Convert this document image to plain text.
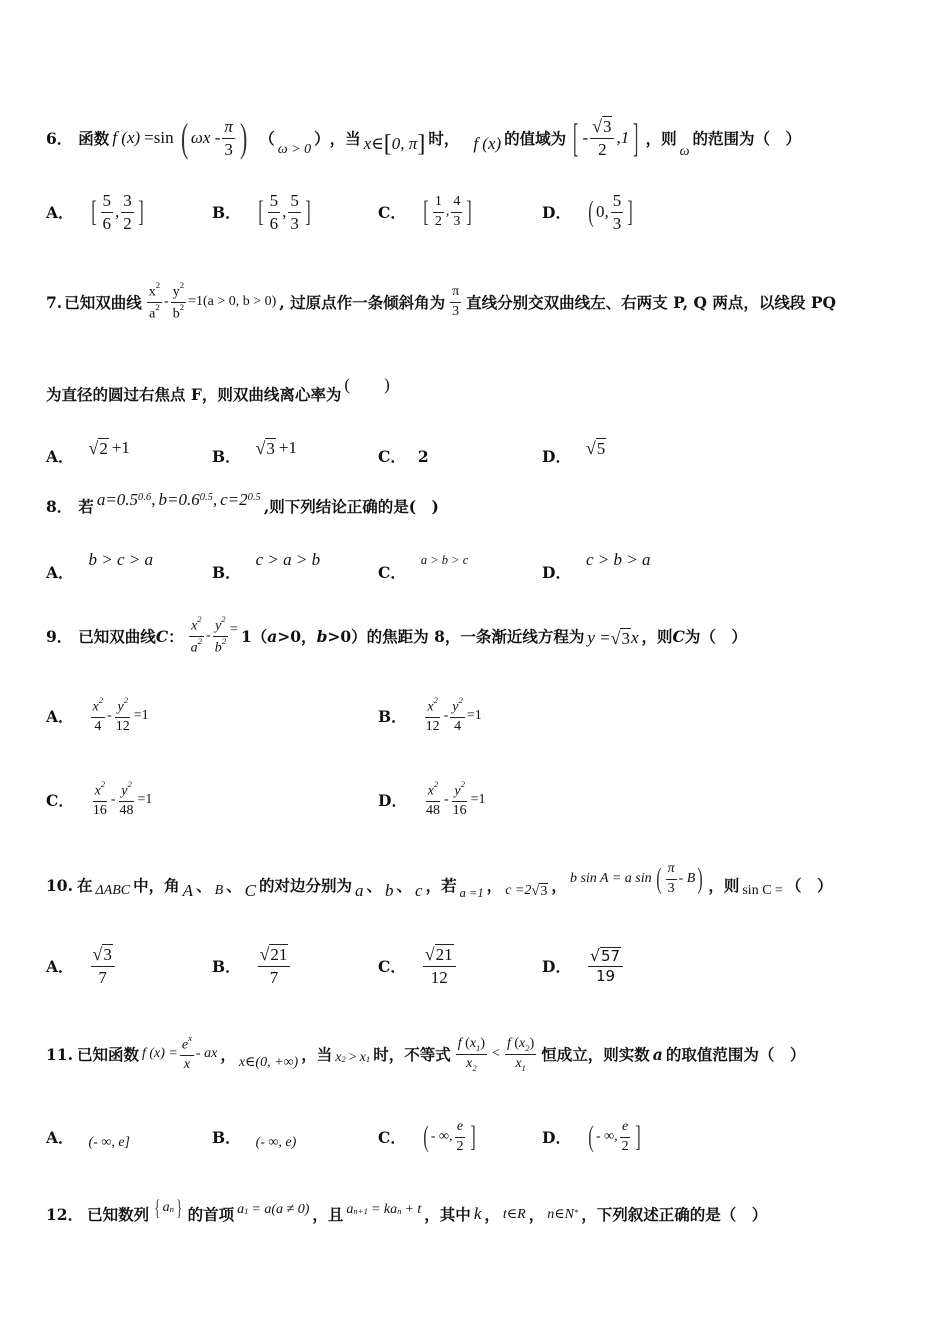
6． 函数 f (x) =sin ( ωx - $\frac{\pi}{3}$ ) （
ω > 0
） ，当 x∈ [ 0, π ] 时， f (x) 的值域为 [ - $\frac{√ 3}{2} ,1$ ] ，则
ω
的范围为（　）
A． [ $\frac{5}{6}$ , $\frac{3}{2}$ ]	B． [ $\frac{5}{6}$ , $\frac{5}{3}$ ]	C． [ $\frac{1}{2}$ , $\frac{4}{3}$ ]	D． ( 0 , $\frac{5}{3}$ ]
7. 已知双曲线 $\frac{x^2}{a^2} - \frac{y^2}{b^2} =1(a > 0$, b > 0) , 过原点作一条倾斜角为 $\frac{\pi}{3}$ 直线分别交双曲线左、右两支 P, Q 两点，以线段 PQ
为直径的圆过右焦点 F，则双曲线离心率为
(　　)
A． √ 2 +1	B． √ 3 +1	C． 2	D． √ 5
8． 若 $a=0.5^{0.6}$ , $b=0.6^{0.5}$ , $c=2^{0.5}$ ,则下列结论正确的是(　)
A．
b > c > a
B．
c > a > b
C．
a > b > c
D．
c > b > a
9． 已知双曲线 C ： $\frac{x^2}{a^2} - \frac{y^2}{b^2} = 1$（ a >0， b >0）的焦距为 8，一条渐近线方程为 y = √ 3 x ，则 C 为（　）
A． $\frac{x^2}{4} - \frac{y^2}{12} =1$	B． $\frac{x^2}{12} - \frac{y^2}{4} =1$
C． $\frac{x^2}{16} - \frac{y^2}{48} =1$	D． $\frac{x^2}{48} - \frac{y^2}{16} =1$
10. 在 ΔABC 中，角 A 、 B 、 C 的对边分别为 a 、 b 、 c ，若 a =1 ， c =2 √ 3 ， b sin A = a sin ( $\frac{\pi}{3}$ - B ) ，则 sin C = （　）
A． $\frac{√ 3}{7}$	B． $\frac{√ 21}{7}$	C． $\frac{√ 21}{12}$	D． $\frac{√ 57}{19}$
11. 已知函数 f $(x) = \frac{e^x}{x}$ - ax ， x∈(0, +∞) ，当 $x_2 > x_1$ 时，不等式 $\frac{f (x_1)}{x_2} < \frac{f (x_2)}{x_1}$ 恒成立，则实数 a 的取值范围为（　）
A． (- ∞, e]	B． (- ∞, e)	C． ( - ∞, $\frac{e}{2}$ ]	D． ( - ∞, $\frac{e}{2}$ ]
12． 已知数列 { $a_n$ } 的首项 $a_1 = a(a \ne 0)$ ，且 $a_{n+1} = ka_n + t$ ，其中 k ， t∈R ， n∈N* ，下列叙述正确的是（　）
